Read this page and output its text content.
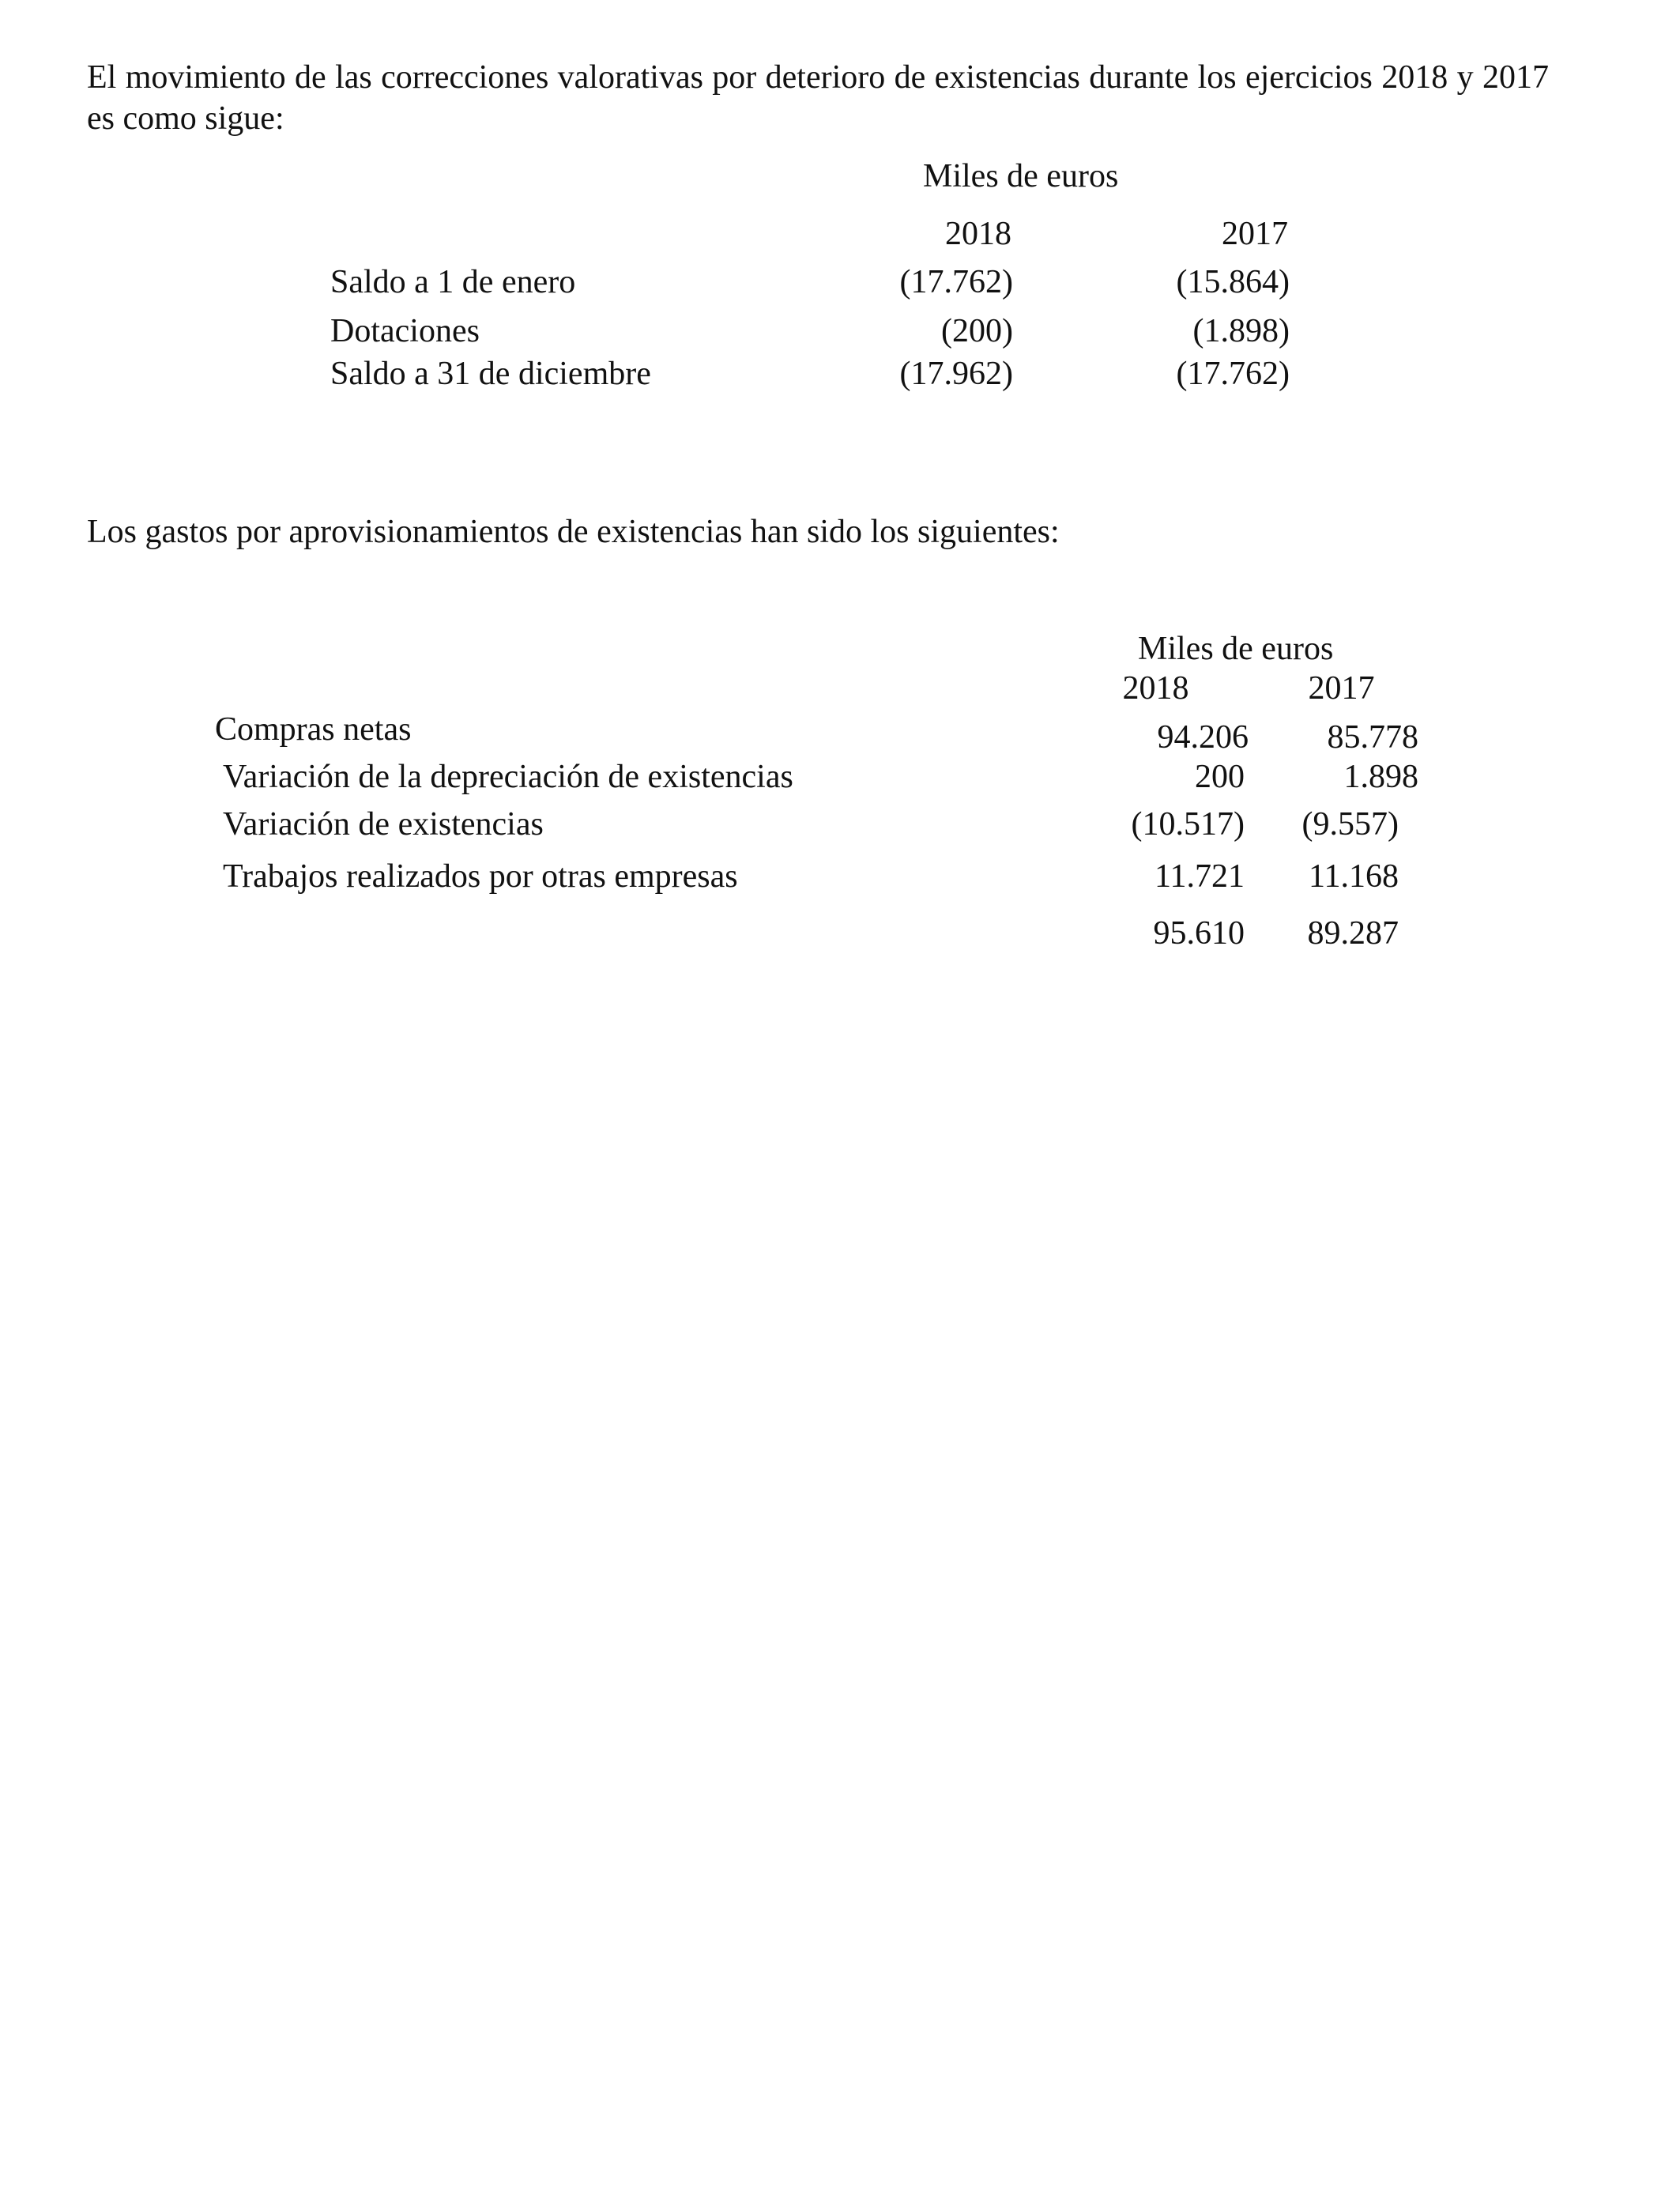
El movimiento de las correcciones valorativas por deterioro de existencias durante los ejercicios 2018 y 2017 es como sigue:
Miles de euros
2018	2017
Saldo a 1 de enero	(17.762)	(15.864)
Dotaciones	(200)	(1.898)
Saldo a 31 de diciembre	(17.962)	(17.762)
Los gastos por aprovisionamientos de existencias han sido los siguientes:
Miles de euros
2018	2017
Compras netas	94.206	85.778
Variación de la depreciación de existencias	200	1.898
Variación de existencias	(10.517)	(9.557)
Trabajos realizados por otras empresas	11.721	11.168
95.610	89.287
